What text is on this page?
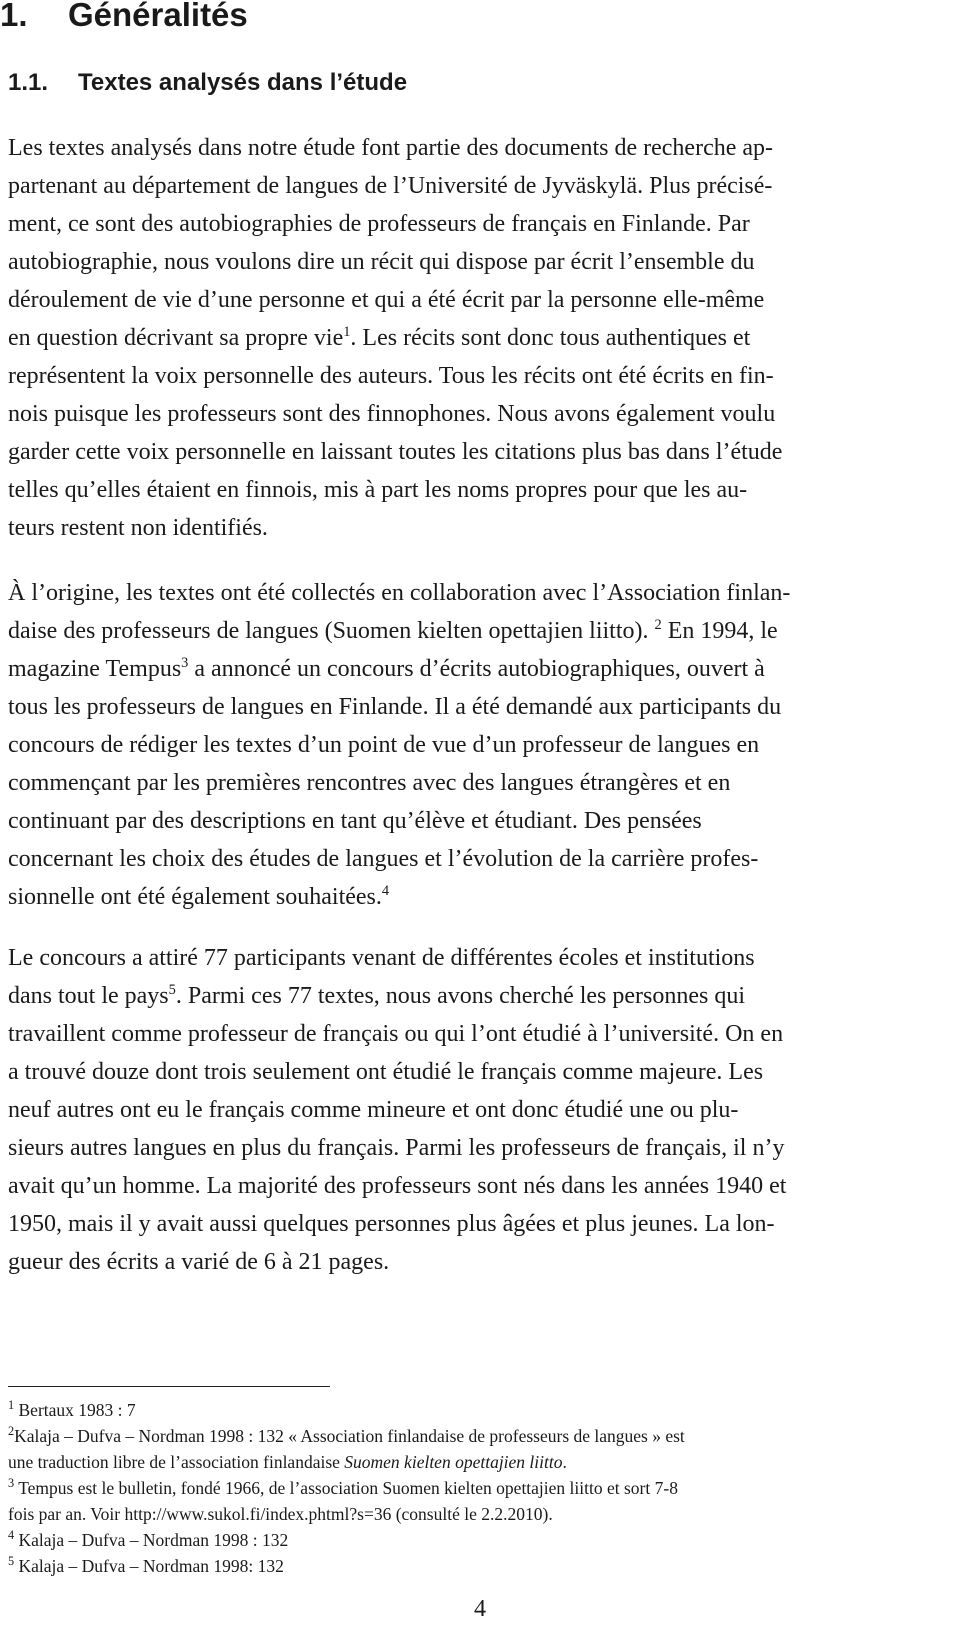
1. Généralités
1.1. Textes analysés dans l’étude
Les textes analysés dans notre étude font partie des documents de recherche ap-
partenant au département de langues de l’Université de Jyväskylä. Plus précisé-
ment, ce sont des autobiographies de professeurs de français en Finlande. Par
autobiographie, nous voulons dire un récit qui dispose par écrit l’ensemble du
déroulement de vie d’une personne et qui a été écrit par la personne elle-même
en question décrivant sa propre vie$^1$. Les récits sont donc tous authentiques et
représentent la voix personnelle des auteurs. Tous les récits ont été écrits en fin-
nois puisque les professeurs sont des finnophones. Nous avons également voulu
garder cette voix personnelle en laissant toutes les citations plus bas dans l’étude
telles qu’elles étaient en finnois, mis à part les noms propres pour que les au-
teurs restent non identifiés.
À l’origine, les textes ont été collectés en collaboration avec l’Association finlan-
daise des professeurs de langues (Suomen kielten opettajien liitto). $^2$ En 1994, le
magazine Tempus$^3$ a annoncé un concours d’écrits autobiographiques, ouvert à
tous les professeurs de langues en Finlande. Il a été demandé aux participants du
concours de rédiger les textes d’un point de vue d’un professeur de langues en
commençant par les premières rencontres avec des langues étrangères et en
continuant par des descriptions en tant qu’élève et étudiant. Des pensées
concernant les choix des études de langues et l’évolution de la carrière profes-
sionnelle ont été également souhaitées.$^4$
Le concours a attiré 77 participants venant de différentes écoles et institutions
dans tout le pays$^5$. Parmi ces 77 textes, nous avons cherché les personnes qui
travaillent comme professeur de français ou qui l’ont étudié à l’université. On en
a trouvé douze dont trois seulement ont étudié le français comme majeure. Les
neuf autres ont eu le français comme mineure et ont donc étudié une ou plu-
sieurs autres langues en plus du français. Parmi les professeurs de français, il n’y
avait qu’un homme. La majorité des professeurs sont nés dans les années 1940 et
1950, mais il y avait aussi quelques personnes plus âgées et plus jeunes. La lon-
gueur des écrits a varié de 6 à 21 pages.

$^1$ Bertaux 1983 : 7

$^2$Kalaja – Dufva – Nordman 1998 : 132 « Association finlandaise de professeurs de langues » est
une traduction libre de l’association finlandaise Suomen kielten opettajien liitto.

$^3$ Tempus est le bulletin, fondé 1966, de l’association Suomen kielten opettajien liitto et sort 7-8
fois par an. Voir http://www.sukol.fi/index.phtml?s=36 (consulté le 2.2.2010).

$^4$ Kalaja – Dufva – Nordman 1998 : 132

$^5$ Kalaja – Dufva – Nordman 1998: 132

4
